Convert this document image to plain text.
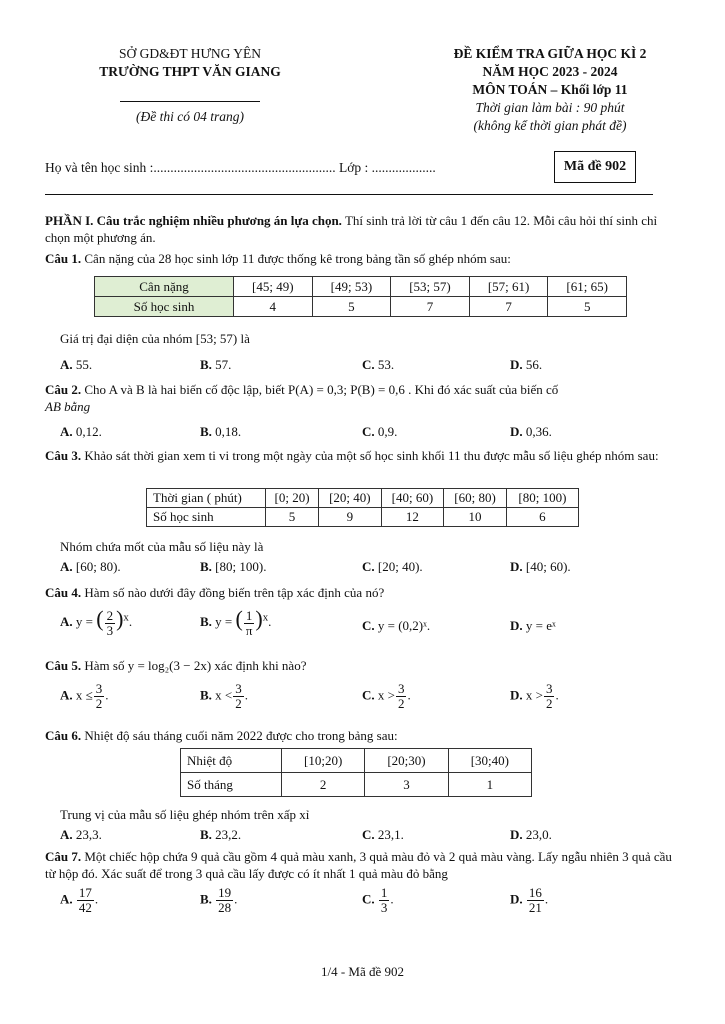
SỞ GD&ĐT HƯNG YÊN
TRƯỜNG THPT VĂN GIANG
(Đề thi có 04 trang)
ĐỀ KIỂM TRA GIỮA HỌC KÌ 2
NĂM HỌC 2023 - 2024
MÔN TOÁN – Khối lớp 11
Thời gian làm bài : 90 phút
(không kể thời gian phát đề)
Họ và tên học sinh :...................................................... Lớp : ...................	Mã đề 902
PHẦN I. Câu trắc nghiệm nhiều phương án lựa chọn. Thí sinh trả lời từ câu 1 đến câu 12. Mỗi câu hỏi thí sinh chỉ chọn một phương án.
Câu 1. Cân nặng của 28 học sinh lớp 11 được thống kê trong bảng tần số ghép nhóm sau:
Cân nặng	[45; 49)	[49; 53)	[53; 57)	[57; 61)	[61; 65)
Số học sinh	4	5	7	7	5
Giá trị đại diện của nhóm [53; 57) là
A. 55.	B. 57.	C. 53.	D. 56.
Câu 2. Cho A và B là hai biến cố độc lập, biết P(A) = 0,3; P(B) = 0,6 . Khi đó xác suất của biến cố
AB bằng
A. 0,12.	B. 0,18.	C. 0,9.	D. 0,36.
Câu 3. Khảo sát thời gian xem ti vi trong một ngày của một số học sinh khối 11 thu được mẫu số liệu ghép nhóm sau:
Thời gian ( phút)	[0; 20)	[20; 40)	[40; 60)	[60; 80)	[80; 100)
Số học sinh	5	9	12	10	6
Nhóm chứa mốt của mẫu số liệu này là
A. [60; 80).	B. [80; 100).	C. [20; 40).	D. [40; 60).
Câu 4. Hàm số nào dưới đây đồng biến trên tập xác định của nó?
A. y = ( $\frac{2}{3} )^x$.	B. y = ( $\frac{1}{\pi} )^x$.	C. y = (0,2)ˣ.	D. y = eˣ
Câu 5. Hàm số y = log₂(3 − 2x) xác định khi nào?
A. $x \le \frac{3}{2}$ .	B. $x < \frac{3}{2}$ .	C. $x > \frac{3}{2}$ .	D. $x > \frac{3}{2}$ .
Câu 6. Nhiệt độ sáu tháng cuối năm 2022 được cho trong bảng sau:
Nhiệt độ	[10;20)	[20;30)	[30;40)
Số tháng	2	3	1
Trung vị của mẫu số liệu ghép nhóm trên xấp xỉ
A. 23,3.	B. 23,2.	C. 23,1.	D. 23,0.
Câu 7. Một chiếc hộp chứa 9 quả cầu gồm 4 quả màu xanh, 3 quả màu đỏ và 2 quả màu vàng. Lấy ngẫu nhiên 3 quả cầu từ hộp đó. Xác suất để trong 3 quả cầu lấy được có ít nhất 1 quả màu đỏ bằng
A. $\frac{17}{42}$ .	B. $\frac{19}{28}$ .	C. $\frac{1}{3}$ .	D. $\frac{16}{21}$ .
1/4 - Mã đề 902
